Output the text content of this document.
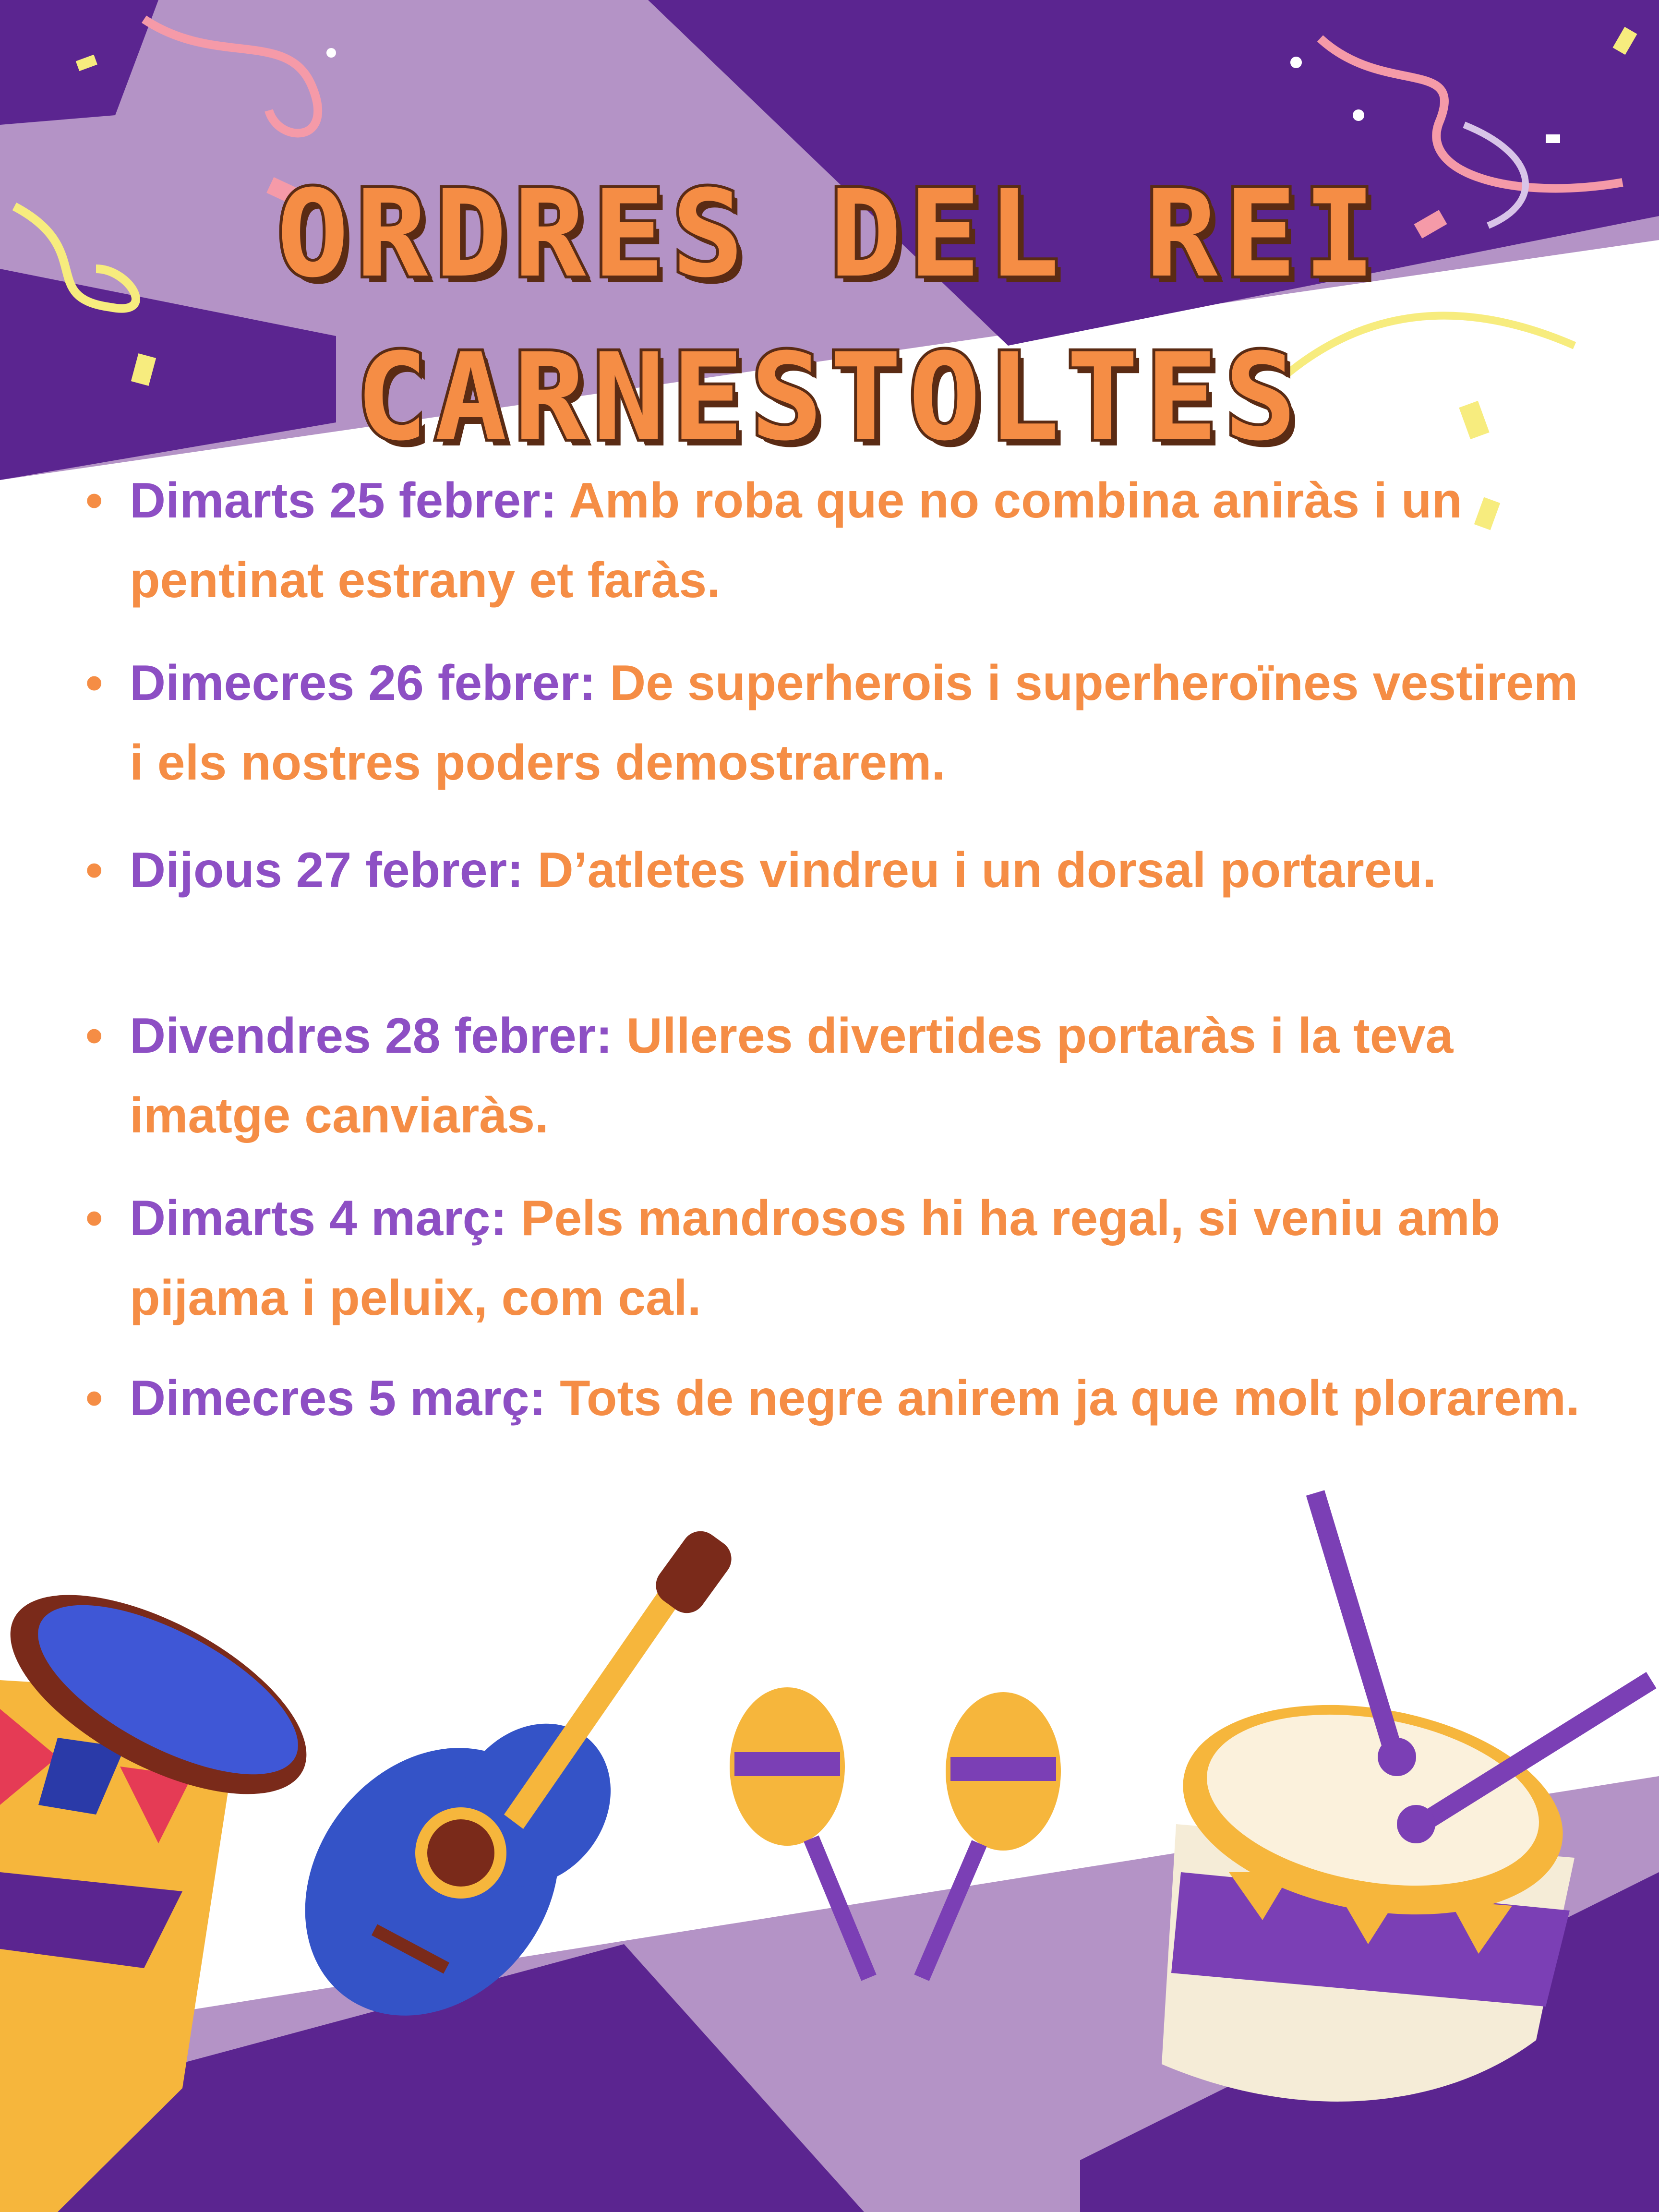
ORDRES DEL REI
CARNESTOLTES
• Dimarts 25 febrer: Amb roba que no combina aniràs i un pentinat estrany et faràs.
• Dimecres 26 febrer: De superherois i superheroïnes vestirem i els nostres poders demostrarem.
• Dijous 27 febrer: D’atletes vindreu i un dorsal portareu.
• Divendres 28 febrer: Ulleres divertides portaràs i la teva imatge canviaràs.
• Dimarts 4 març: Pels mandrosos hi ha regal, si veniu amb pijama i peluix, com cal.
• Dimecres 5 març: Tots de negre anirem ja que molt plorarem.
